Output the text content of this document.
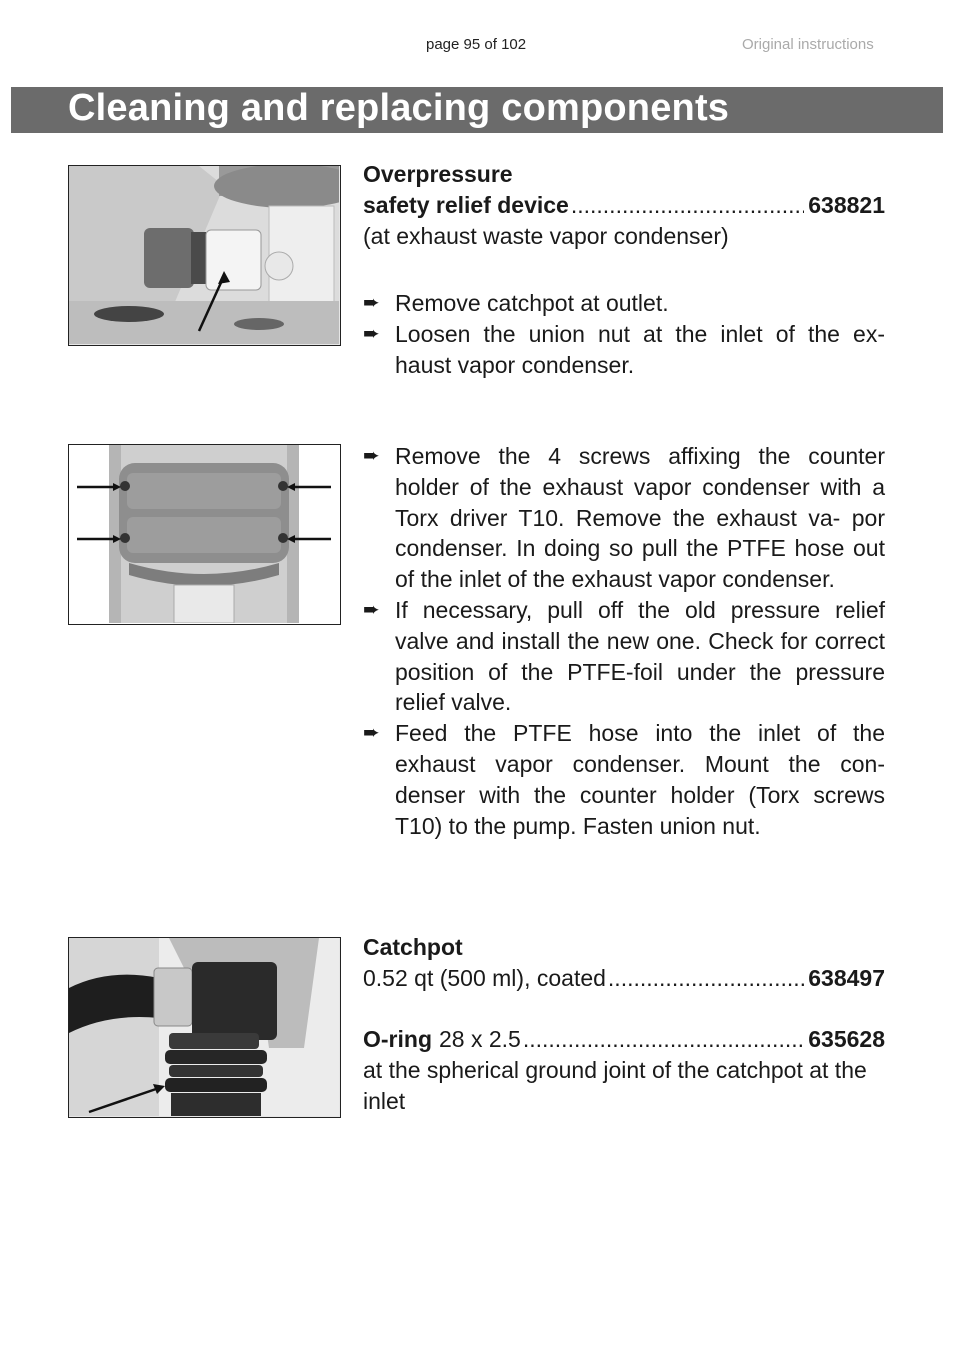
page 95 of 102	Original instructions
Cleaning and replacing components
Overpressure
safety relief device .....	638821
(at exhaust waste vapor condenser)
➨ Remove catchpot at outlet.
➨ Loosen the union nut at the inlet of the ex- haust vapor condenser.
➨ Remove the 4 screws affixing the counter holder of the exhaust vapor condenser with a Torx driver T10. Remove the exhaust va- por condenser. In doing so pull the PTFE hose out of the inlet of the exhaust vapor condenser.
➨ If necessary, pull off the old pressure relief valve and install the new one. Check for correct position of the PTFE-foil under the pressure relief valve.
➨ Feed the PTFE hose into the inlet of the exhaust vapor condenser. Mount the con- denser with the counter holder (Torx screws T10) to the pump. Fasten union nut.
Catchpot
0.52 qt (500 ml), coated .....	638497
O-ring 28 x 2.5 .....	635628
at the spherical ground joint of the catchpot at the inlet
